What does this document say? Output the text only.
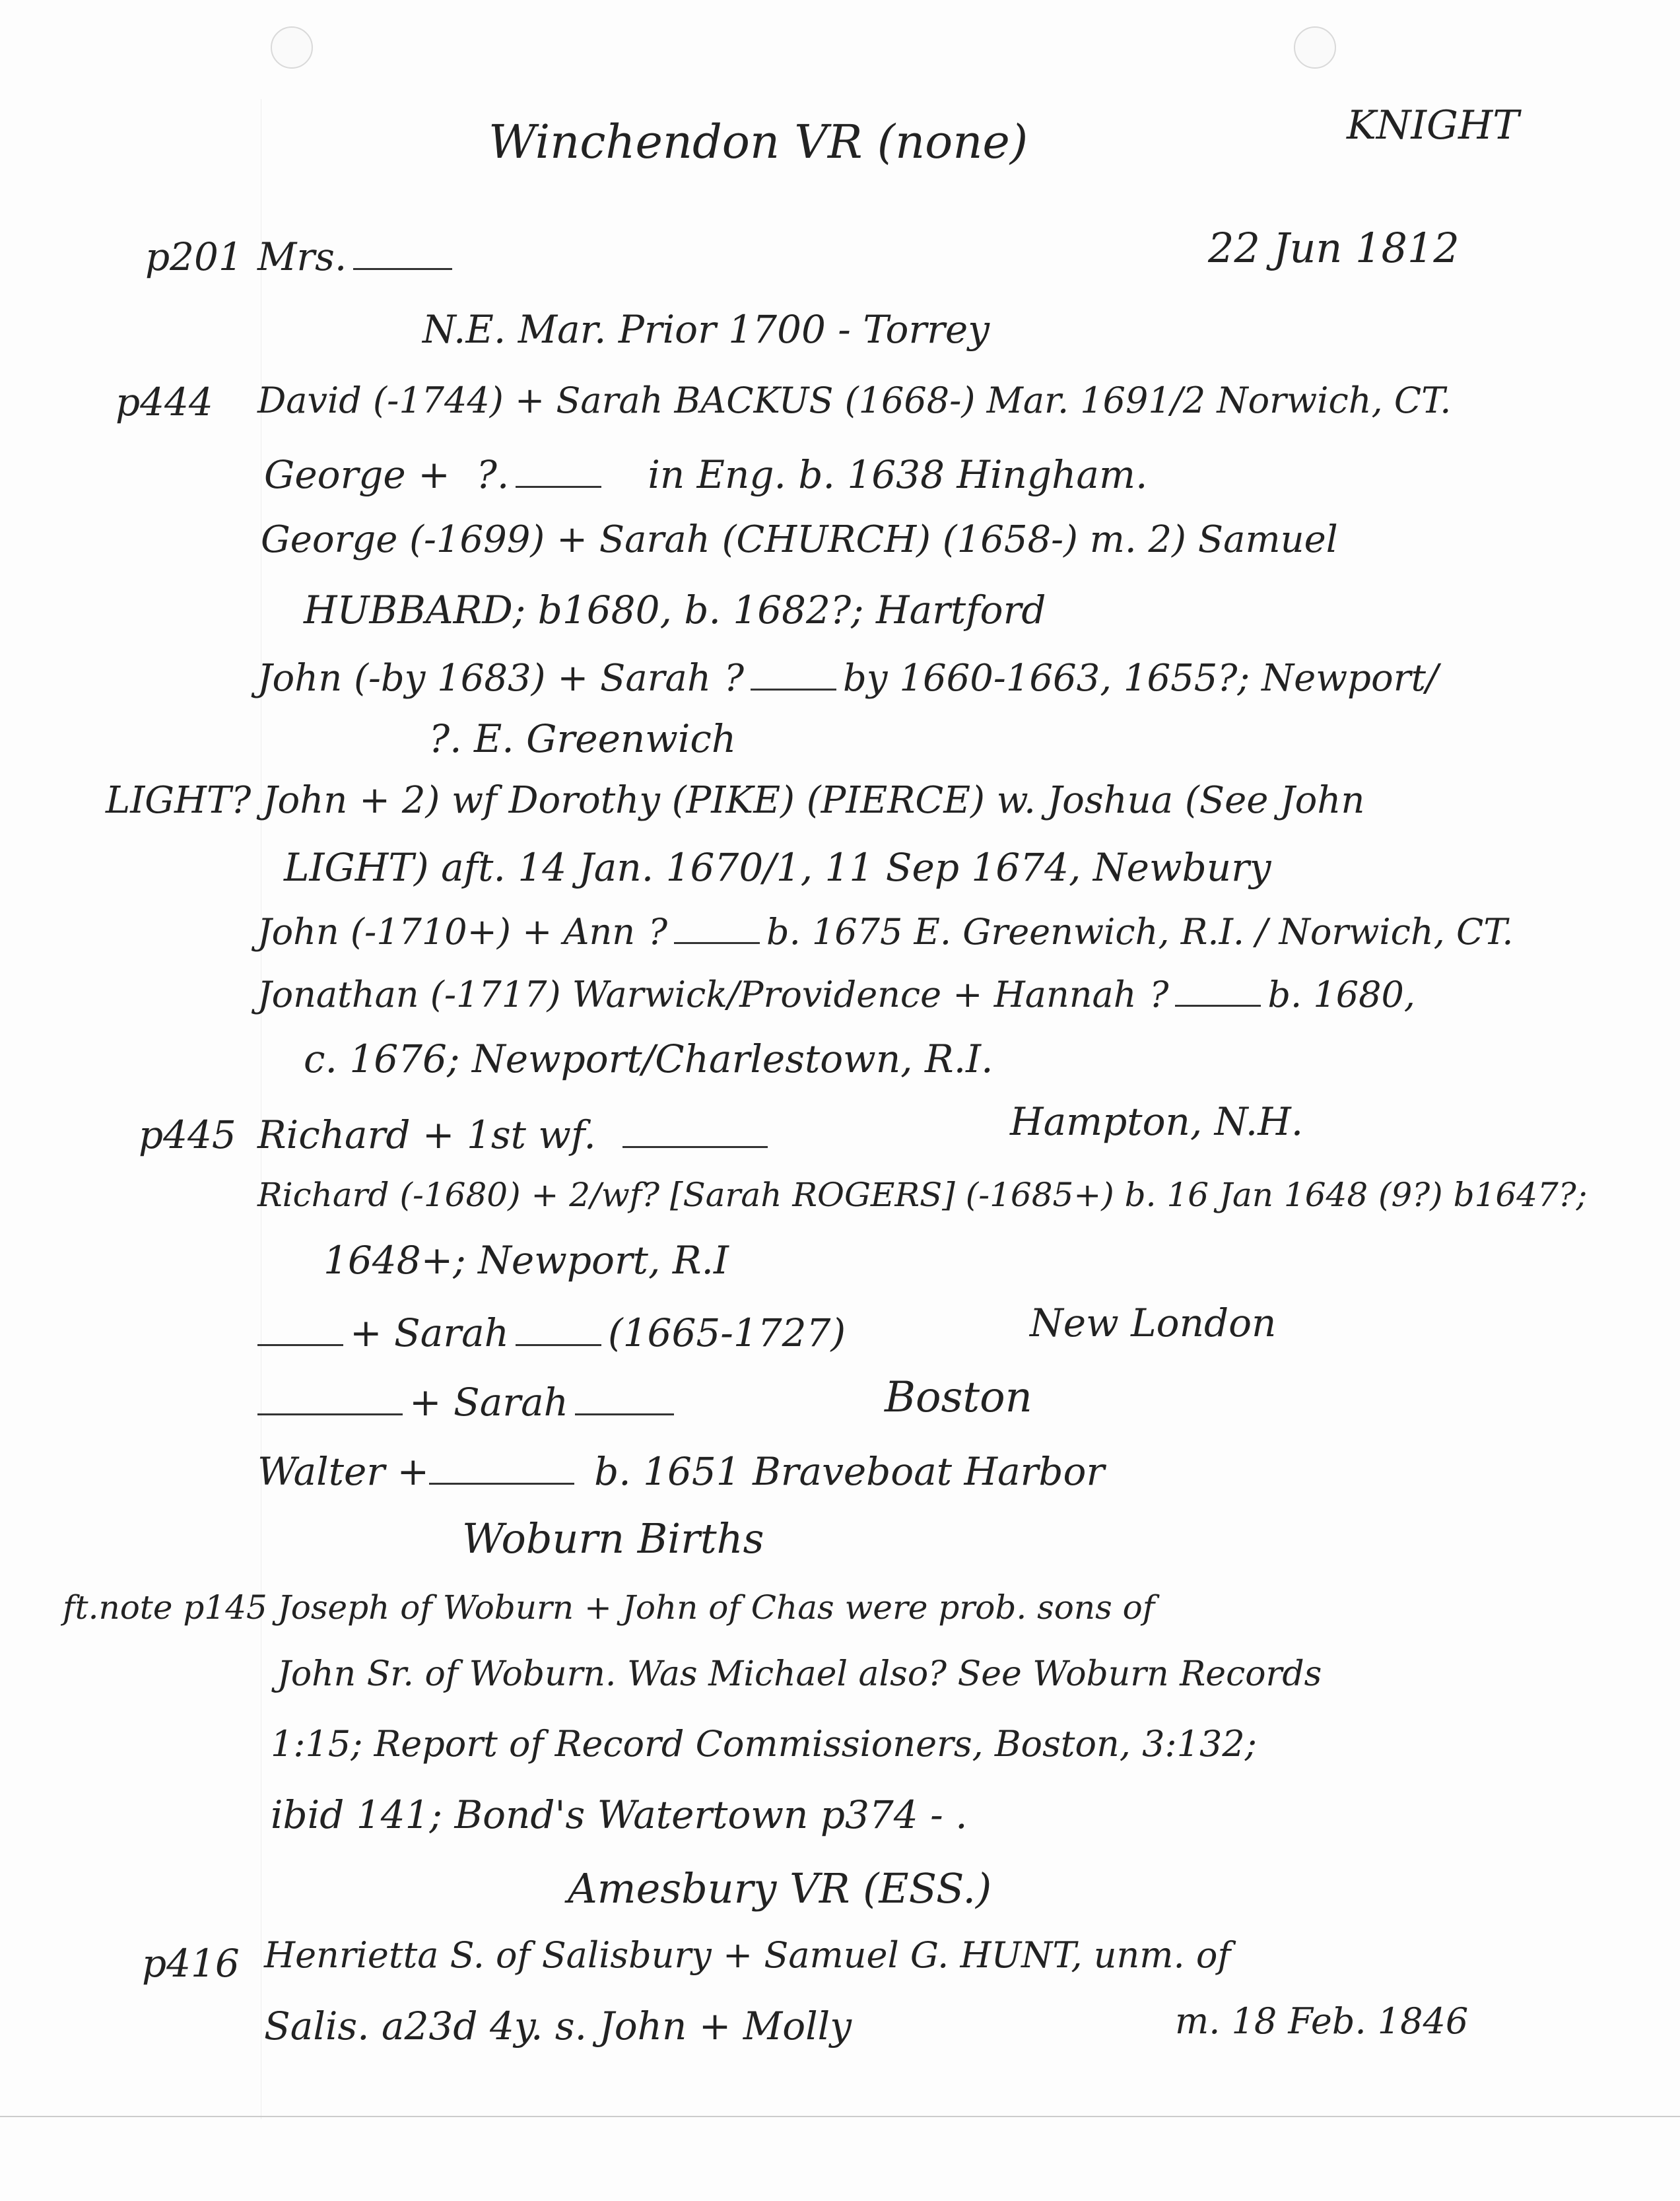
Winchendon VR (none)	KNIGHT
p201 Mrs.	22 Jun 1812
N.E. Mar. Prior 1700 - Torrey
p444 David (-1744) + Sarah BACKUS (1668-) Mar. 1691/2 Norwich, CT.
George + ?.	in Eng. b. 1638 Hingham.
George (-1699) + Sarah (CHURCH) (1658-) m. 2) Samuel
HUBBARD; b1680, b. 1682?; Hartford
John (-by 1683) + Sarah ?	by 1660-1663, 1655?; Newport/
?. E. Greenwich
LIGHT? John + 2) wf Dorothy (PIKE) (PIERCE) w. Joshua (See John
LIGHT) aft. 14 Jan. 1670/1, 11 Sep 1674, Newbury
John (-1710+) + Ann ?	b. 1675 E. Greenwich, R.I. / Norwich, CT.
Jonathan (-1717) Warwick/Providence + Hannah ?	b. 1680,
c. 1676; Newport/Charlestown, R.I.
p445 Richard + 1st wf.	Hampton, N.H.
Richard (-1680) + 2/wf? [Sarah ROGERS] (-1685+) b. 16 Jan 1648 (9?) b1647?;
1648+; Newport, R.I
+ Sarah	(1665-1727)	New London
+ Sarah	Boston
Walter +	b. 1651 Braveboat Harbor
Woburn Births
ft.note p145 Joseph of Woburn + John of Chas were prob. sons of
John Sr. of Woburn. Was Michael also? See Woburn Records
1:15; Report of Record Commissioners, Boston, 3:132;
ibid 141; Bond's Watertown p374 - .
Amesbury VR (ESS.)
p416 Henrietta S. of Salisbury + Samuel G. HUNT, unm. of
Salis. a23d 4y. s. John + Molly	m. 18 Feb. 1846
